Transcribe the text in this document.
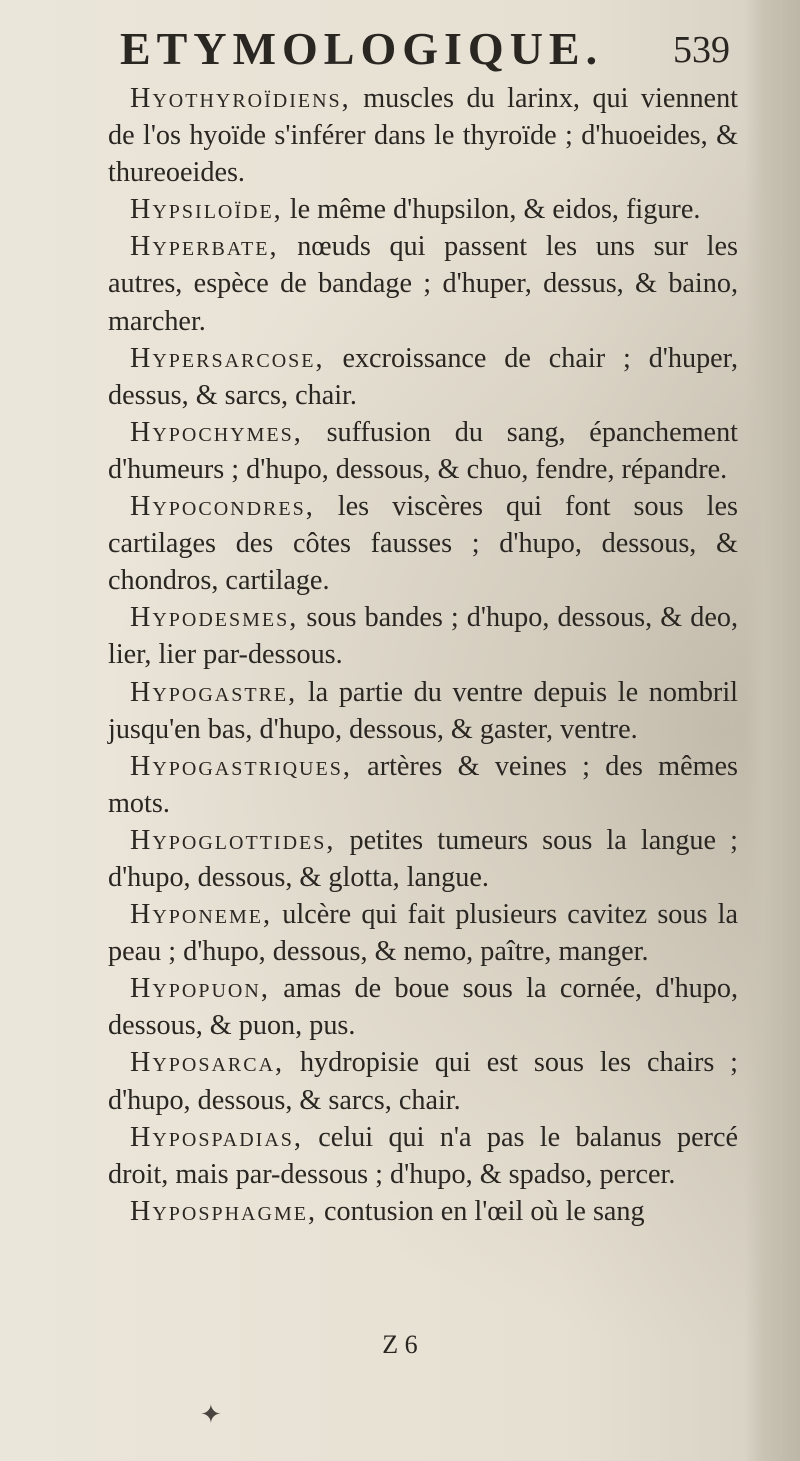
ETYMOLOGIQUE. 539

Hyothyroïdiens, muscles du larinx, qui viennent de l'os hyoïde s'inférer dans le thyroïde ; d'huoeides, & thureoeides.

Hypsiloïde, le même d'hupsilon, & eidos, figure.

Hyperbate, nœuds qui passent les uns sur les autres, espèce de bandage ; d'huper, dessus, & baino, marcher.

Hypersarcose, excroissance de chair ; d'huper, dessus, & sarcs, chair.

Hypochymes, suffusion du sang, épanchement d'humeurs ; d'hupo, dessous, & chuo, fendre, répandre.

Hypocondres, les viscères qui font sous les cartilages des côtes fausses ; d'hupo, dessous, & chondros, cartilage.

Hypodesmes, sous bandes ; d'hupo, dessous, & deo, lier, lier par-dessous.

Hypogastre, la partie du ventre depuis le nombril jusqu'en bas, d'hupo, dessous, & gaster, ventre.

Hypogastriques, artères & veines ; des mêmes mots.

Hypoglottides, petites tumeurs sous la langue ; d'hupo, dessous, & glotta, langue.

Hyponeme, ulcère qui fait plusieurs cavitez sous la peau ; d'hupo, dessous, & nemo, paître, manger.

Hypopuon, amas de boue sous la cornée, d'hupo, dessous, & puon, pus.

Hyposarca, hydropisie qui est sous les chairs ; d'hupo, dessous, & sarcs, chair.

Hypospadias, celui qui n'a pas le balanus percé droit, mais par-dessous ; d'hupo, & spadso, percer.

Hyposphagme, contusion en l'œil où le sang

Z 6
✦
